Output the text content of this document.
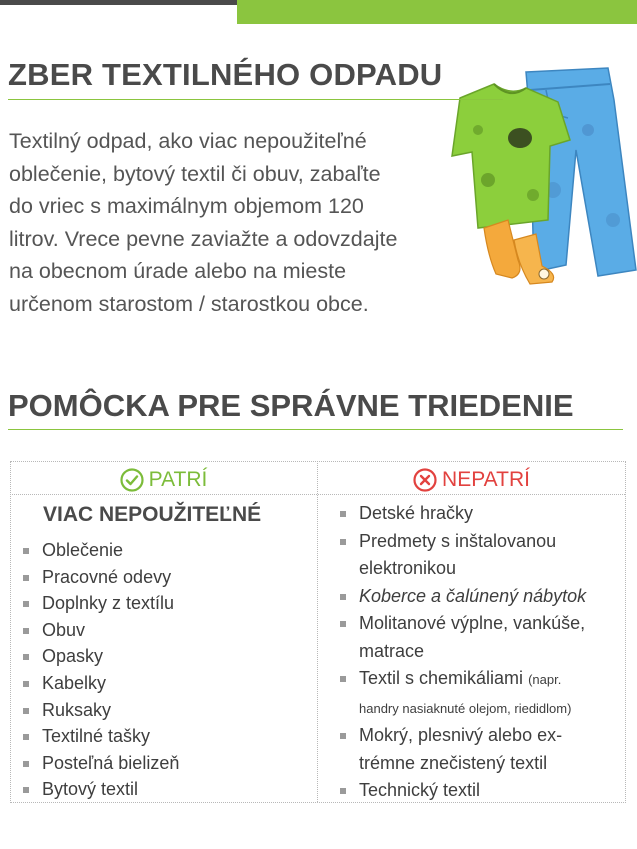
ZBER TEXTILNÉHO ODPADU
Textilný odpad, ako viac nepoužiteľné
oblečenie, bytový textil či obuv, zabaľte
do vriec s maximálnym objemom 120
litrov. Vrece pevne zaviažte a odovzdajte
na obecnom úrade alebo na mieste
určenom starostom / starostkou obce.
POMÔCKA PRE SPRÁVNE TRIEDENIE
PATRÍ	NEPATRÍ
VIAC NEPOUŽITEĽNÉ
Oblečenie
Pracovné odevy
Doplnky z textílu
Obuv
Opasky
Kabelky
Ruksaky
Textilné tašky
Posteľná bielizeň
Bytový textil
Detské hračky
Predmety s inštalovanou
elektronikou
Koberce a čalúnený nábytok
Molitanové výplne, vankúše,
matrace
Textil s chemikáliami (napr.
handry nasiaknuté olejom, riedidlom)
Mokrý, plesnivý alebo ex-
trémne znečistený textil
Technický textil
